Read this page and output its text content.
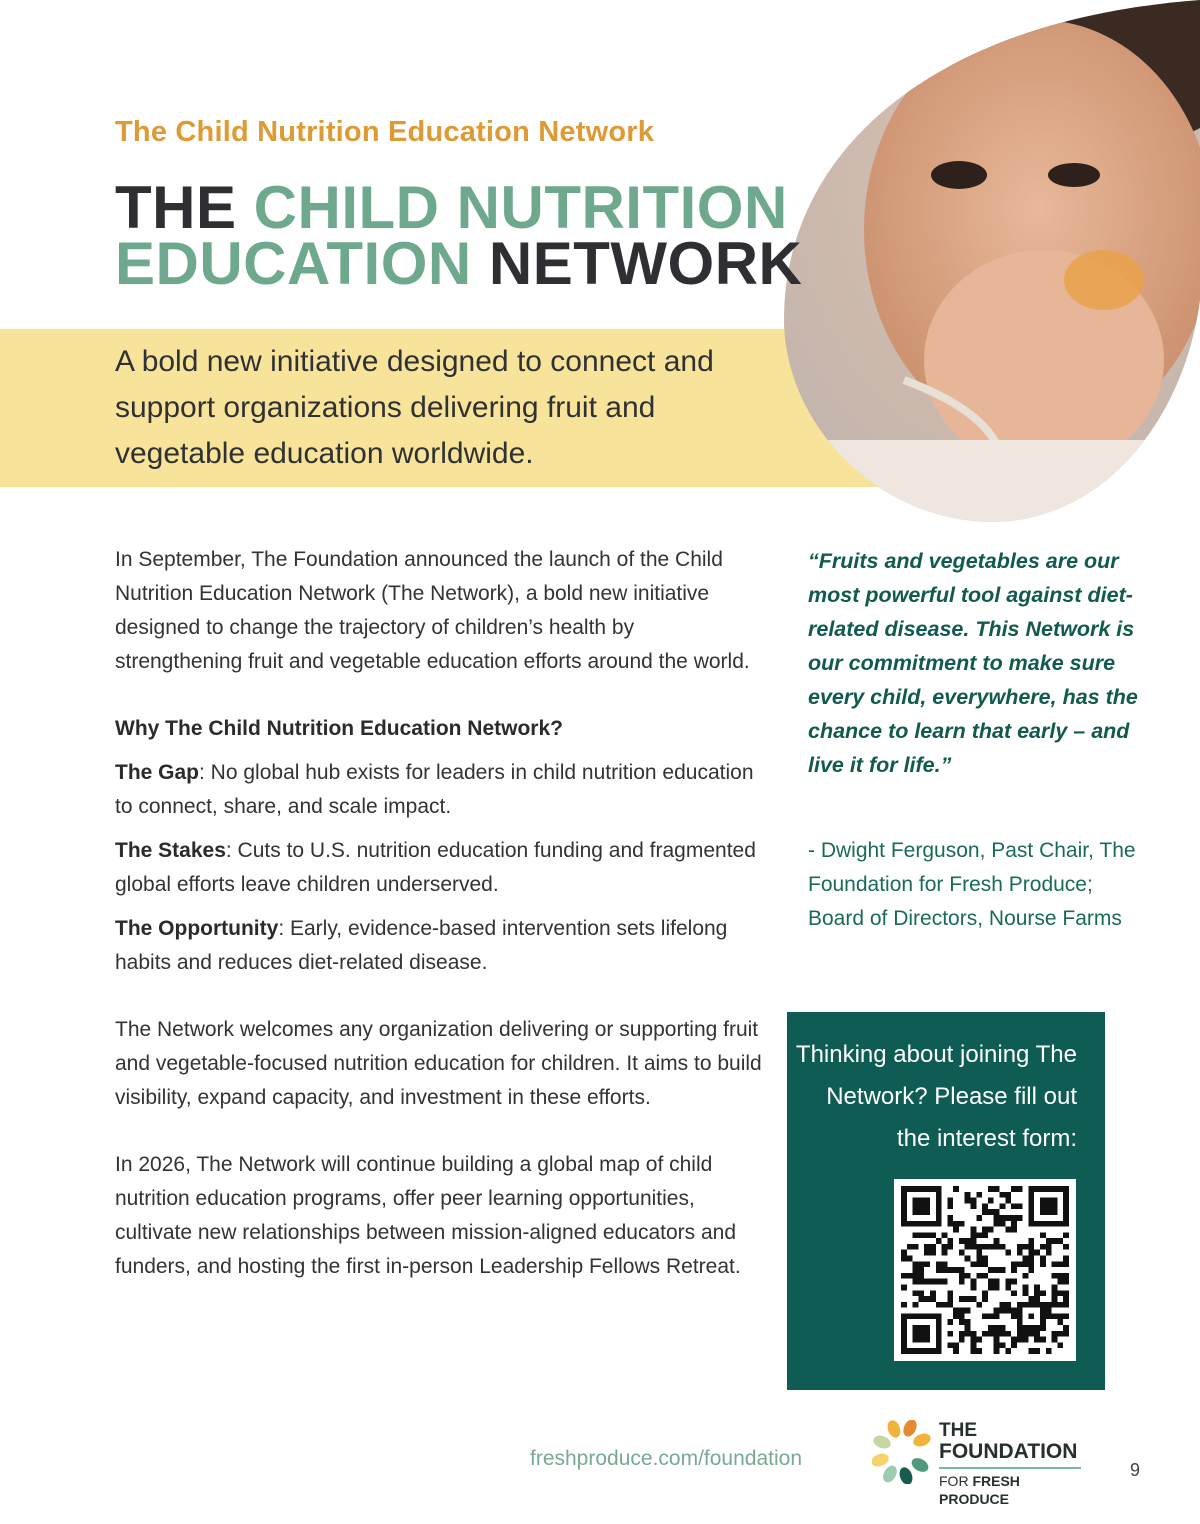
The Child Nutrition Education Network
THE CHILD NUTRITION
EDUCATION NETWORK
A bold new initiative designed to connect and support organizations delivering fruit and vegetable education worldwide.

In September, The Foundation announced the launch of the Child Nutrition Education Network (The Network), a bold new initiative designed to change the trajectory of children’s health by strengthening fruit and vegetable education efforts around the world.

Why The Child Nutrition Education Network?

The Gap: No global hub exists for leaders in child nutrition education to connect, share, and scale impact.

The Stakes: Cuts to U.S. nutrition education funding and fragmented global efforts leave children underserved.

The Opportunity: Early, evidence-based intervention sets lifelong habits and reduces diet-related disease.

The Network welcomes any organization delivering or supporting fruit and vegetable-focused nutrition education for children. It aims to build visibility, expand capacity, and investment in these efforts.

In 2026, The Network will continue building a global map of child nutrition education programs, offer peer learning opportunities, cultivate new relationships between mission-aligned educators and funders, and hosting the first in-person Leadership Fellows Retreat.

“Fruits and vegetables are our most powerful tool against diet-related disease. This Network is our commitment to make sure every child, everywhere, has the chance to learn that early – and live it for life.”
- Dwight Ferguson, Past Chair, The Foundation for Fresh Produce; Board of Directors, Nourse Farms
Thinking about joining The Network? Please fill out the interest form:
freshproduce.com/foundation
THE
FOUNDATION
FOR FRESH PRODUCE
9
